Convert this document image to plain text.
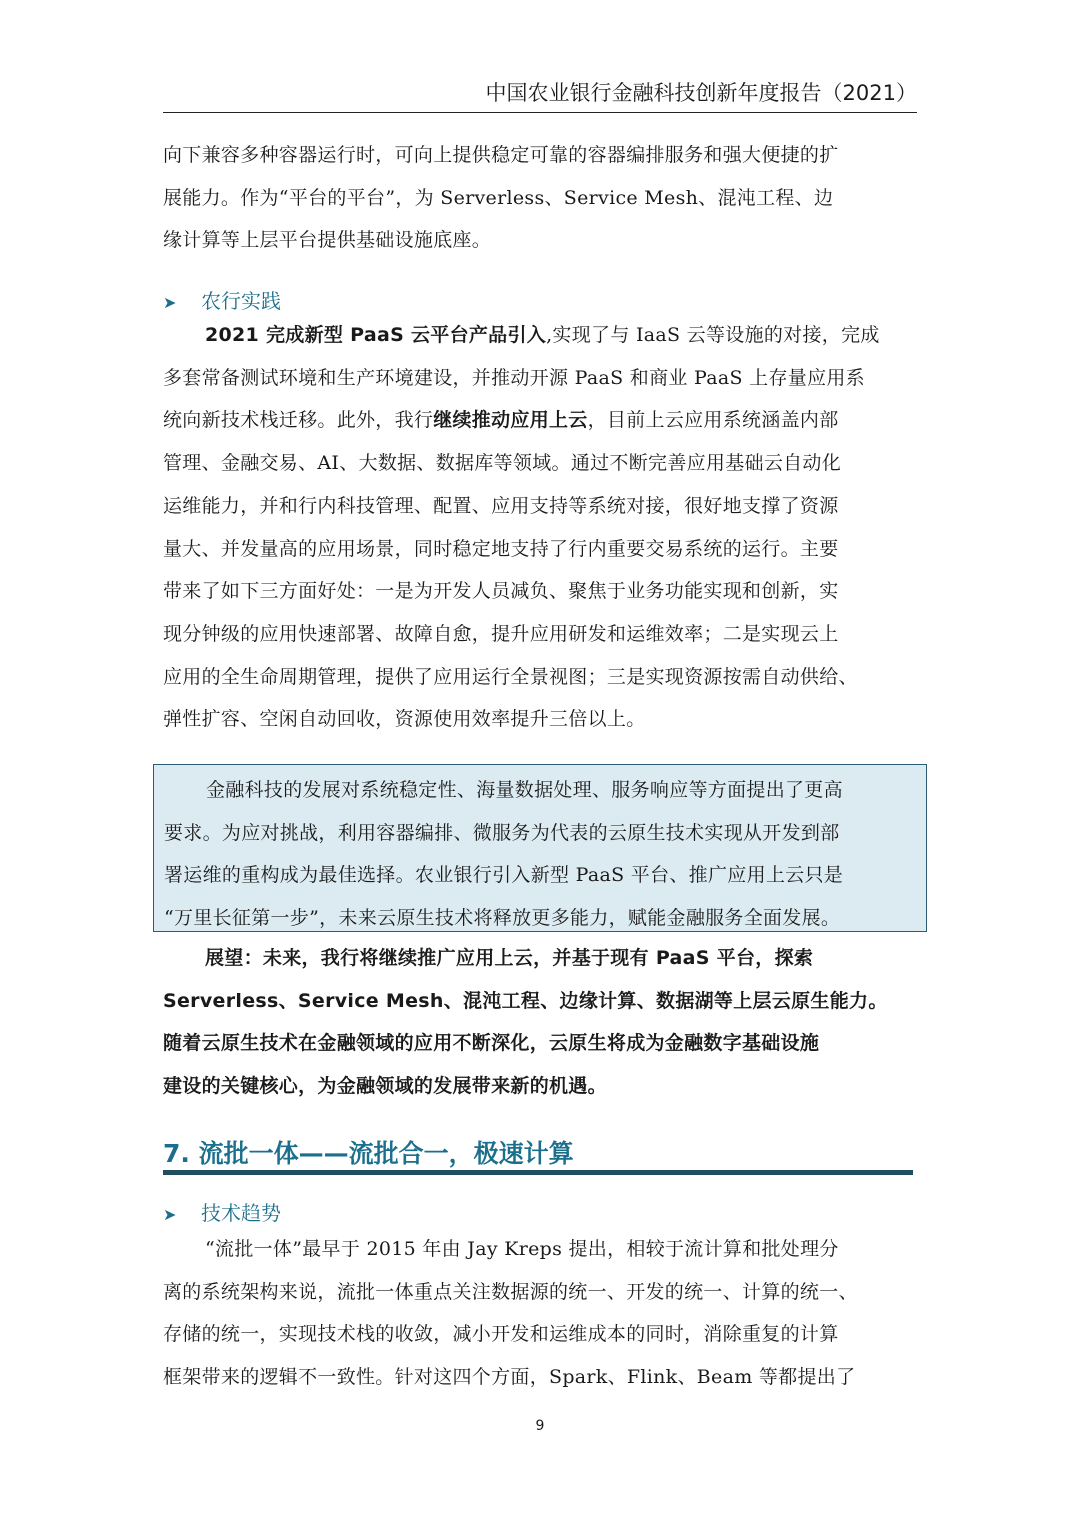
中国农业银行金融科技创新年度报告（2021）
向下兼容多种容器运行时，可向上提供稳定可靠的容器编排服务和强大便捷的扩
展能力。作为“平台的平台”，为 Serverless、Service Mesh、混沌工程、边
缘计算等上层平台提供基础设施底座。
➤ 农行实践
2021 完成新型 PaaS 云平台产品引入,实现了与 IaaS 云等设施的对接，完成
多套常备测试环境和生产环境建设，并推动开源 PaaS 和商业 PaaS 上存量应用系
统向新技术栈迁移。此外，我行继续推动应用上云，目前上云应用系统涵盖内部
管理、金融交易、AI、大数据、数据库等领域。通过不断完善应用基础云自动化
运维能力，并和行内科技管理、配置、应用支持等系统对接，很好地支撑了资源
量大、并发量高的应用场景，同时稳定地支持了行内重要交易系统的运行。主要
带来了如下三方面好处：一是为开发人员减负、聚焦于业务功能实现和创新，实
现分钟级的应用快速部署、故障自愈，提升应用研发和运维效率；二是实现云上
应用的全生命周期管理，提供了应用运行全景视图；三是实现资源按需自动供给、
弹性扩容、空闲自动回收，资源使用效率提升三倍以上。
金融科技的发展对系统稳定性、海量数据处理、服务响应等方面提出了更高
要求。为应对挑战，利用容器编排、微服务为代表的云原生技术实现从开发到部
署运维的重构成为最佳选择。农业银行引入新型 PaaS 平台、推广应用上云只是
“万里长征第一步”，未来云原生技术将释放更多能力，赋能金融服务全面发展。
展望：未来，我行将继续推广应用上云，并基于现有 PaaS 平台，探索
Serverless、Service Mesh、混沌工程、边缘计算、数据湖等上层云原生能力。
随着云原生技术在金融领域的应用不断深化，云原生将成为金融数字基础设施
建设的关键核心，为金融领域的发展带来新的机遇。
7. 流批一体——流批合一，极速计算
➤ 技术趋势
“流批一体”最早于 2015 年由 Jay Kreps 提出，相较于流计算和批处理分
离的系统架构来说，流批一体重点关注数据源的统一、开发的统一、计算的统一、
存储的统一，实现技术栈的收敛，减小开发和运维成本的同时，消除重复的计算
框架带来的逻辑不一致性。针对这四个方面，Spark、Flink、Beam 等都提出了
9
